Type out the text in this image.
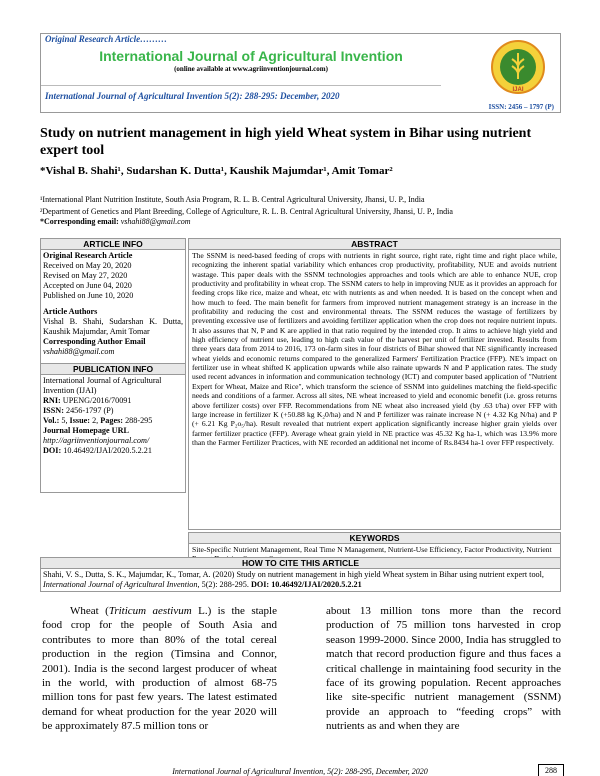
Original Research Article………
International Journal of Agricultural Invention
(online available at www.agriinventionjournal.com)
International Journal of Agricultural Invention 5(2): 288-295: December, 2020
ISSN: 2456 – 1797 (P)
IJAI
Study on nutrient management in high yield Wheat system in Bihar using nutrient expert tool
*Vishal B. Shahi¹, Sudarshan K. Dutta¹, Kaushik Majumdar¹, Amit Tomar²
¹International Plant Nutrition Institute, South Asia Program, R. L. B. Central Agricultural University, Jhansi, U. P., India
²Department of Genetics and Plant Breeding, College of Agriculture, R. L. B. Central Agricultural University, Jhansi, U. P., India
*Corresponding email: vshahi88@gmail.com
ARTICLE INFO
Original Research Article
Received on May 20, 2020
Revised on May 27, 2020
Accepted on June 04, 2020
Published on June 10, 2020
Article Authors
Vishal B. Shahi, Sudarshan K. Dutta, Kaushik Majumdar, Amit Tomar
Corresponding Author Email
vshahi88@gmail.com
PUBLICATION INFO
International Journal of Agricultural Invention (IJAI)
RNI: UPENG/2016/70091
ISSN: 2456-1797 (P)
Vol.: 5, Issue: 2, Pages: 288-295
Journal Homepage URL
http://agriinventionjournal.com/
DOI: 10.46492/IJAI/2020.5.2.21
ABSTRACT
The SSNM is need-based feeding of crops with nutrients in right source, right rate, right time and right place while, recognizing the inherent spatial variability which enhances crop productivity, profitability, NUE and avoids nutrient wastage. This paper deals with the SSNM technologies approaches and tools which are able to enhance NUE, crop productivity and profitability in wheat crop. The SSNM caters to help in improving NUE as it provides an approach for feeding crops like rice, maize and wheat, etc with nutrients as and when needed. It is based on the concept when and how much to feed. The main benefit for farmers from improved nutrient management strategy is an increase in the profitability and reducing the cost and environmental threats. The SSNM reduces the wastage of fertilizers by preventing excessive use of fertilizers and avoiding fertilizer application when the crop does not require nutrient inputs. It also assures that N, P and K are applied in that ratio required by the intended crop. It aims to achieve high yield and high efficiency of nutrient use, leading to high cash value of the harvest per unit of fertilizer invested. Results from three years data from 2014 to 2016, 173 on-farm sites in four districts of Bihar showed that NE significantly increased wheat yields and economic returns compared to the generalized Farmers' Fertilization Practice (FFP). NE's impact on fertilizer use in wheat shifted K application upwards while also rainate upwards N and P application rates. The study used recent advances in information and communication technology (ICT) and computer based application of "Nutrient Expert for Wheat, Maize and Rice", which transform the science of SSNM into guidelines matching the field-specific needs and conditions of a farmer. Across all sites, NE wheat increased to yield and economic benefit (i.e. gross returns above fertilizer costs) over FFP. Recommendations from NE wheat also increased yield (by .63 t/ha) over FFP with large increase in fertilizer K (+50.88 kg K₂0/ha) and N and P fertilizer was rainate increase N (+ 4.32 Kg N/ha) and P (+ 6.21 Kg P₂o₅/ha). Result revealed that nutrient expert application significantly increase higher grain yields over farmer fertilizer practice (FFP). Average wheat grain yield in NE practice was 45.32 Kg ha-1, which was 13.9% more than the Farmer Fertilizer Practices, with NE recorded an additional net income of Rs.8434 ha-1 over FFP respectively.
KEYWORDS
Site-Specific Nutrient Management, Real Time N Management, Nutrient-Use Efficiency, Factor Productivity, Nutrient
HOW TO CITE THIS ARTICLE
Shahi, V. S., Dutta, S. K., Majumdar, K., Tomar, A. (2020) Study on nutrient management in high yield Wheat system in Bihar using nutrient expert tool, International Journal of Agricultural Invention, 5(2): 288-295. DOI: 10.46492/IJAI/2020.5.2.21
Wheat (Triticum aestivum L.) is the staple food crop for the people of South Asia and contributes to more than 80% of the total cereal production in the region (Timsina and Connor, 2001). India is the second largest producer of wheat in the world, with production of almost 68-75 million tons for past few years. The latest estimated demand for wheat production for the year 2020 will be approximately 87.5 million tons or
about 13 million tons more than the record production of 75 million tons harvested in crop season 1999-2000. Since 2000, India has struggled to match that record production figure and thus faces a critical challenge in maintaining food security in the face of its growing population. Recent approaches like site-specific nutrient management (SSNM) provide an approach to “feeding crops” with nutrients as and when they are
International Journal of Agricultural Invention, 5(2): 288-295, December, 2020	288
